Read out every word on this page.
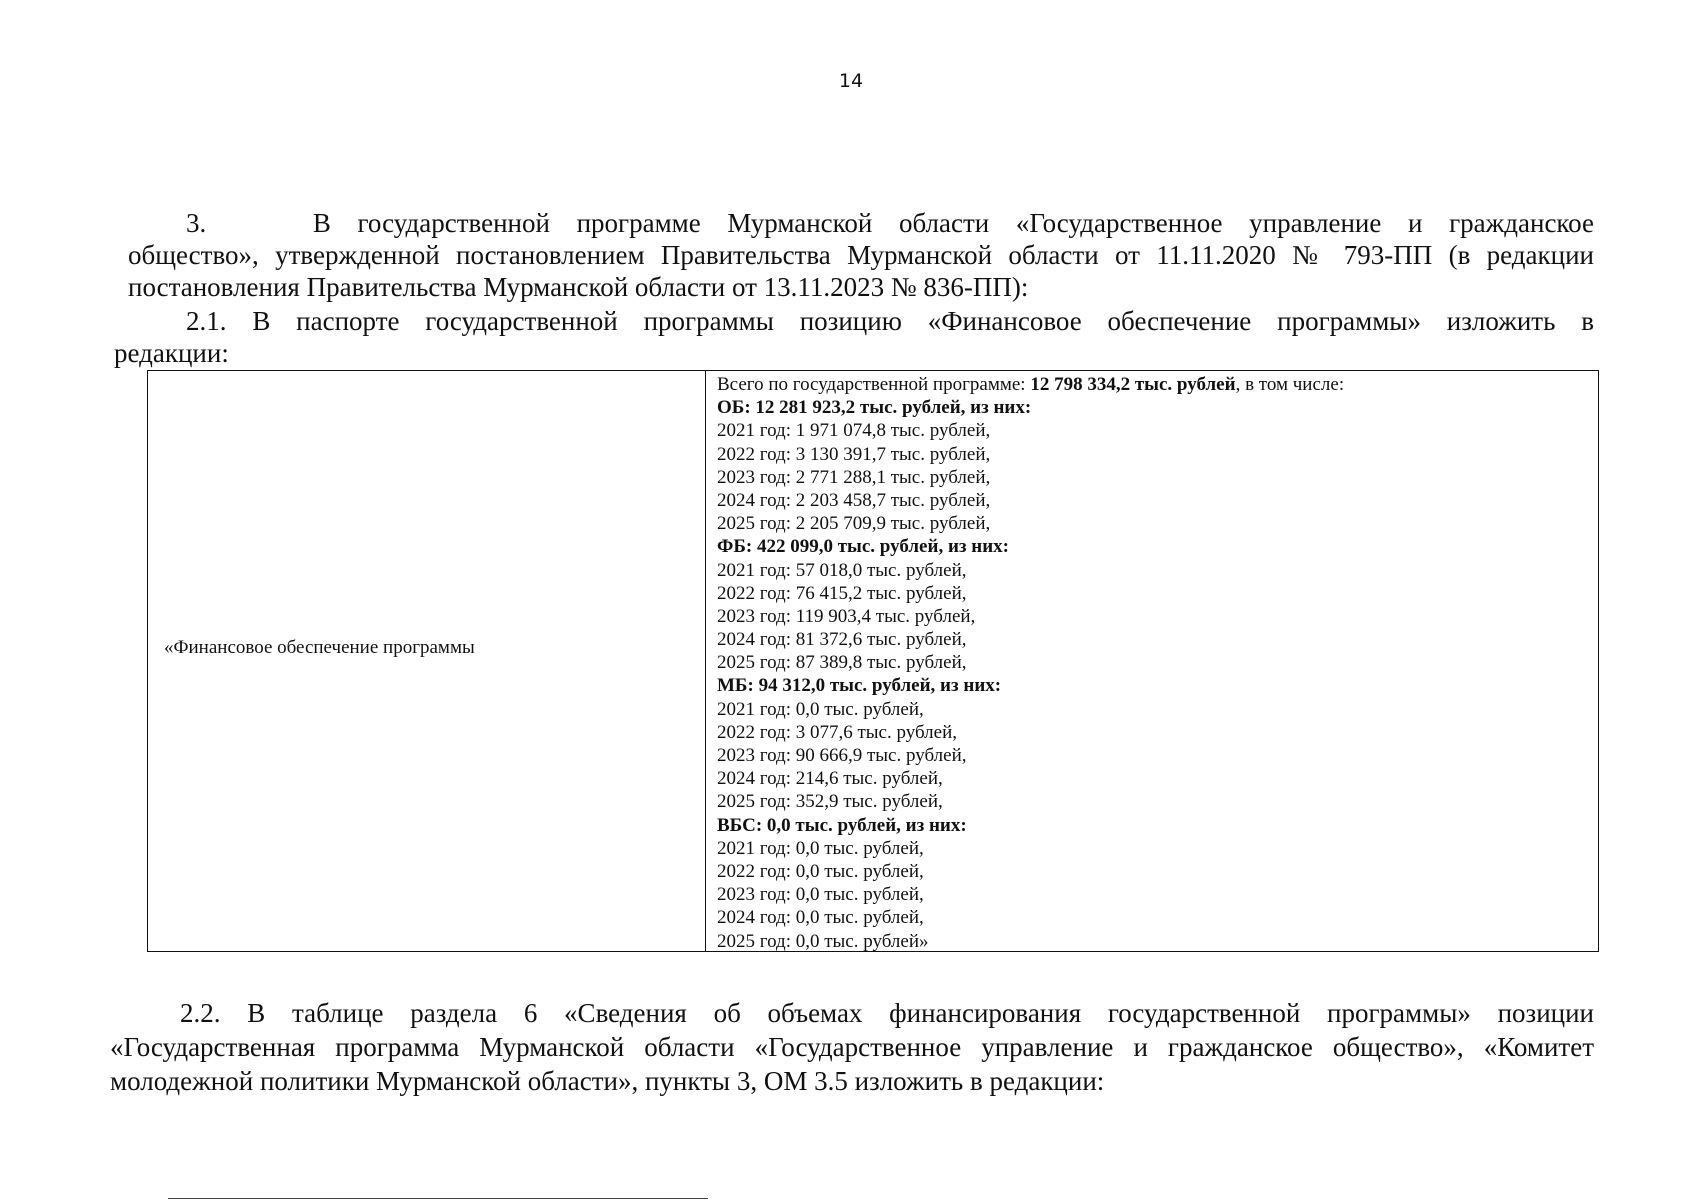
14

3.    В государственной программе Мурманской области «Государственное управление и гражданское

общество», утвержденной постановлением Правительства Мурманской области от 11.11.2020 № 793-ПП (в редакции

постановления Правительства Мурманской области от 13.11.2023 № 836-ПП):

2.1. В паспорте государственной программы позицию «Финансовое обеспечение программы» изложить в

редакции:

«Финансовое обеспечение программы
Всего по государственной программе: 12 798 334,2 тыс. рублей, в том числе:
ОБ: 12 281 923,2 тыс. рублей, из них:
2021 год: 1 971 074,8 тыс. рублей,
2022 год: 3 130 391,7 тыс. рублей,
2023 год: 2 771 288,1 тыс. рублей,
2024 год: 2 203 458,7 тыс. рублей,
2025 год: 2 205 709,9 тыс. рублей,
ФБ: 422 099,0 тыс. рублей, из них:
2021 год: 57 018,0 тыс. рублей,
2022 год: 76 415,2 тыс. рублей,
2023 год: 119 903,4 тыс. рублей,
2024 год: 81 372,6 тыс. рублей,
2025 год: 87 389,8 тыс. рублей,
МБ: 94 312,0 тыс. рублей, из них:
2021 год: 0,0 тыс. рублей,
2022 год: 3 077,6 тыс. рублей,
2023 год: 90 666,9 тыс. рублей,
2024 год: 214,6 тыс. рублей,
2025 год: 352,9 тыс. рублей,
ВБС: 0,0 тыс. рублей, из них:
2021 год: 0,0 тыс. рублей,
2022 год: 0,0 тыс. рублей,
2023 год: 0,0 тыс. рублей,
2024 год: 0,0 тыс. рублей,
2025 год: 0,0 тыс. рублей»

2.2. В таблице раздела 6 «Сведения об объемах финансирования государственной программы» позиции

«Государственная программа Мурманской области «Государственное управление и гражданское общество», «Комитет

молодежной политики Мурманской области», пункты 3, ОМ 3.5 изложить в редакции:
